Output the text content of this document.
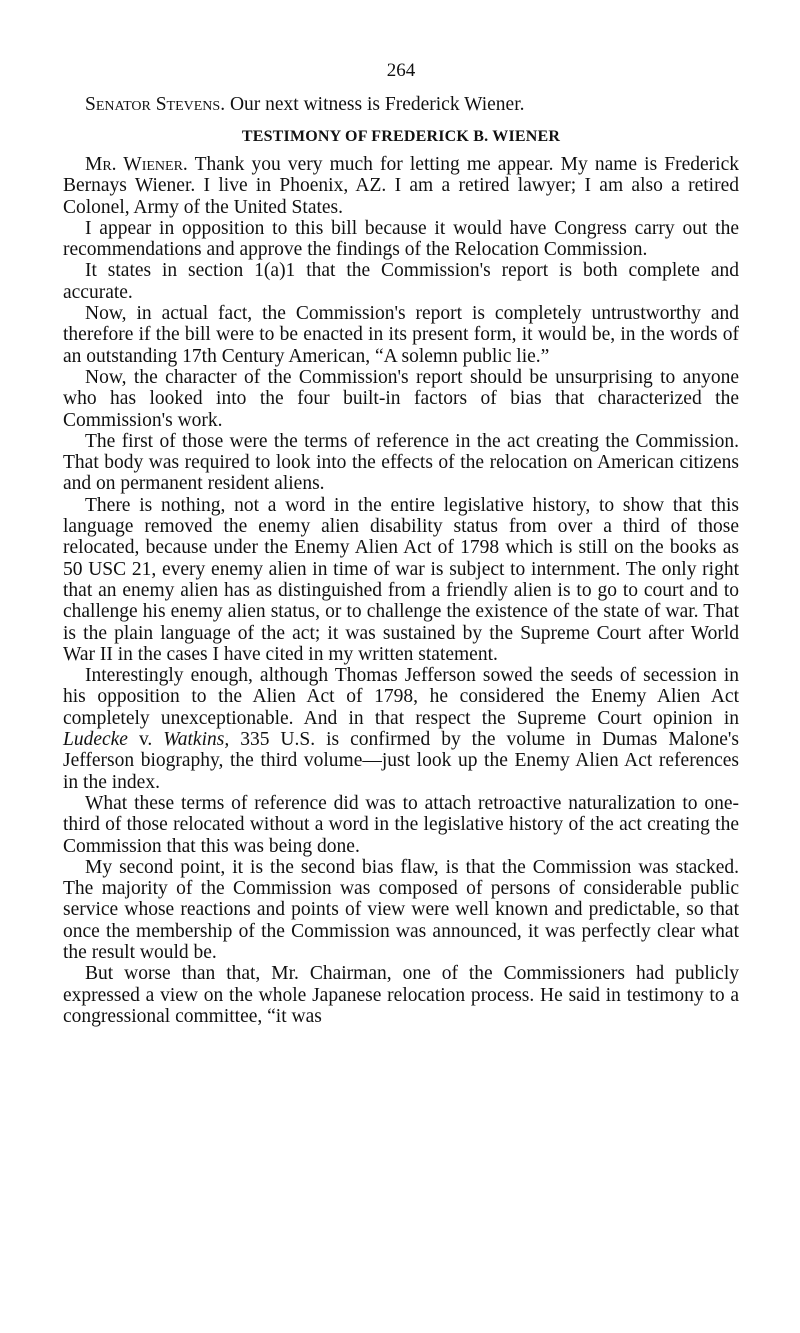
264

Senator Stevens. Our next witness is Frederick Wiener.

TESTIMONY OF FREDERICK B. WIENER

Mr. Wiener. Thank you very much for letting me appear. My name is Frederick Bernays Wiener. I live in Phoenix, AZ. I am a retired lawyer; I am also a retired Colonel, Army of the United States.

I appear in opposition to this bill because it would have Congress carry out the recommendations and approve the findings of the Relocation Commission.

It states in section 1(a)1 that the Commission's report is both complete and accurate.

Now, in actual fact, the Commission's report is completely untrustworthy and therefore if the bill were to be enacted in its present form, it would be, in the words of an outstanding 17th Century American, “A solemn public lie.”

Now, the character of the Commission's report should be unsurprising to anyone who has looked into the four built-in factors of bias that characterized the Commission's work.

The first of those were the terms of reference in the act creating the Commission. That body was required to look into the effects of the relocation on American citizens and on permanent resident aliens.

There is nothing, not a word in the entire legislative history, to show that this language removed the enemy alien disability status from over a third of those relocated, because under the Enemy Alien Act of 1798 which is still on the books as 50 USC 21, every enemy alien in time of war is subject to internment. The only right that an enemy alien has as distinguished from a friendly alien is to go to court and to challenge his enemy alien status, or to challenge the existence of the state of war. That is the plain language of the act; it was sustained by the Supreme Court after World War II in the cases I have cited in my written statement.

Interestingly enough, although Thomas Jefferson sowed the seeds of secession in his opposition to the Alien Act of 1798, he considered the Enemy Alien Act completely unexceptionable. And in that respect the Supreme Court opinion in Ludecke v. Watkins, 335 U.S. is confirmed by the volume in Dumas Malone's Jefferson biography, the third volume—just look up the Enemy Alien Act references in the index.

What these terms of reference did was to attach retroactive naturalization to one-third of those relocated without a word in the legislative history of the act creating the Commission that this was being done.

My second point, it is the second bias flaw, is that the Commission was stacked. The majority of the Commission was composed of persons of considerable public service whose reactions and points of view were well known and predictable, so that once the membership of the Commission was announced, it was perfectly clear what the result would be.

But worse than that, Mr. Chairman, one of the Commissioners had publicly expressed a view on the whole Japanese relocation process. He said in testimony to a congressional committee, “it was
